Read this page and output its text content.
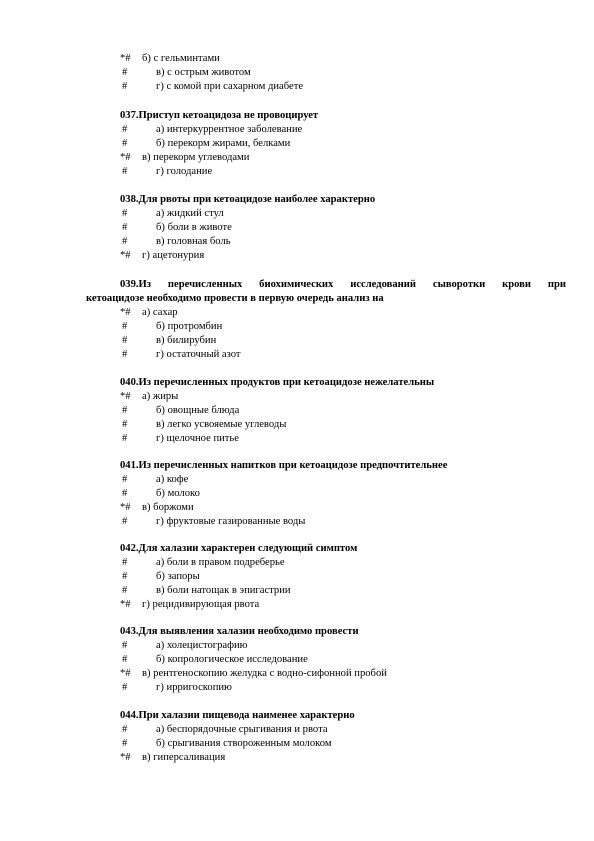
*# б) с гельминтами
#	в) с острым животом
#	г) с комой при сахарном диабете
037.Приступ кетоацидоза не провоцирует
#	а) интеркуррентное заболевание
#	б) перекорм жирами, белками
*# в) перекорм углеводами
#	г) голодание
038.Для рвоты при кетоацидозе наиболее характерно
#	а) жидкий стул
#	б) боли в животе
#	в) головная боль
*# г) ацетонурия
039.Из перечисленных биохимических исследований сыворотки крови при
кетоацидозе необходимо провести в первую очередь анализ на
*# а) сахар
#	б) протромбин
#	в) билирубин
#	г) остаточный азот
040.Из перечисленных продуктов при кетоацидозе нежелательны
*# а) жиры
#	б) овощные блюда
#	в) легко усвояемые углеводы
#	г) щелочное питье
041.Из перечисленных напитков при кетоацидозе предпочтительнее
#	а) кофе
#	б) молоко
*# в) боржоми
#	г) фруктовые газированные воды
042.Для халазии характерен следующий симптом
#	а) боли в правом подреберье
#	б) запоры
#	в) боли натощак в эпигастрии
*# г) рецидивирующая рвота
043.Для выявления халазии необходимо провести
#	а) холецистографию
#	б) копрологическое исследование
*# в) рентгеноскопию желудка с водно-сифонной пробой
#	г) ирригоскопию
044.При халазии пищевода наименее характерно
#	а) беспорядочные срыгивания и рвота
#	б) срыгивания створоженным молоком
*# в) гиперсаливация
